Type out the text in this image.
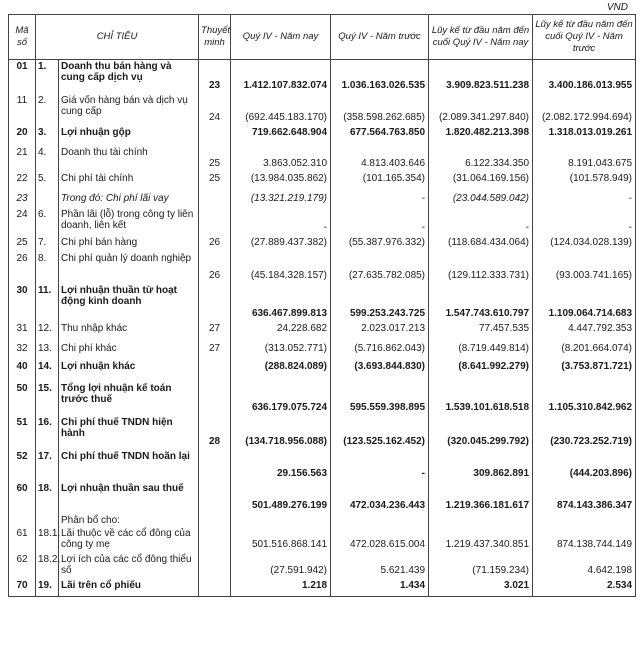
VND
Mã số	CHỈ TIÊU		Thuyết minh	Quý IV - Năm nay	Quý IV - Năm trước	Lũy kế từ đầu năm đến cuối Quý IV - Năm nay	Lũy kế từ đầu năm đến cuối Quý IV - Năm trước
01	1.	Doanh thu bán hàng và cung cấp dịch vụ	23	1.412.107.832.074	1.036.163.026.535	3.909.823.511.238	3.400.186.013.955
11	2.	Giá vốn hàng bán và dịch vụ cung cấp	24	(692.445.183.170)	(358.598.262.685)	(2.089.341.297.840)	(2.082.172.994.694)
20	3.	Lợi nhuận gộp		719.662.648.904	677.564.763.850	1.820.482.213.398	1.318.013.019.261
21	4.	Doanh thu tài chính	25	3.863.052.310	4.813.403.646	6.122.334.350	8.191.043.675
22	5.	Chi phí tài chính	25	(13.984.035.862)	(101.165.354)	(31.064.169.156)	(101.578.949)
23		Trong đó: Chi phí lãi vay		(13.321.219.179)	-	(23.044.589.042)	-
24	6.	Phần lãi (lỗ) trong công ty liên doanh, liên kết		-	-	-	-
25	7.	Chi phí bán hàng	26	(27.889.437.382)	(55.387.976.332)	(118.684.434.064)	(124.034.028.139)
26	8.	Chi phí quản lý doanh nghiệp	26	(45.184.328.157)	(27.635.782.085)	(129.112.333.731)	(93.003.741.165)
30	11.	Lợi nhuận thuần từ hoạt động kinh doanh		636.467.899.813	599.253.243.725	1.547.743.610.797	1.109.064.714.683
31	12.	Thu nhập khác	27	24.228.682	2.023.017.213	77.457.535	4.447.792.353
32	13.	Chi phí khác	27	(313.052.771)	(5.716.862.043)	(8.719.449.814)	(8.201.664.074)
40	14.	Lợi nhuận khác		(288.824.089)	(3.693.844.830)	(8.641.992.279)	(3.753.871.721)
50	15.	Tổng lợi nhuận kế toán trước thuế		636.179.075.724	595.559.398.895	1.539.101.618.518	1.105.310.842.962
51	16.	Chi phí thuế TNDN hiện hành	28	(134.718.956.088)	(123.525.162.452)	(320.045.299.792)	(230.723.252.719)
52	17.	Chi phí thuế TNDN hoãn lại		29.156.563	-	309.862.891	(444.203.896)
60	18.	Lợi nhuận thuần sau thuế		501.489.276.199	472.034.236.443	1.219.366.181.617	874.143.386.347
		Phân bổ cho:					
61	18.1.	Lãi thuộc về các cổ đông của công ty mẹ		501.516.868.141	472.028.615.004	1.219.437.340.851	874.138.744.149
62	18.2.	Lợi ích của các cổ đông thiểu số		(27.591.942)	5.621.439	(71.159.234)	4.642.198
70	19.	Lãi trên cổ phiếu		1.218	1.434	3.021	2.534
